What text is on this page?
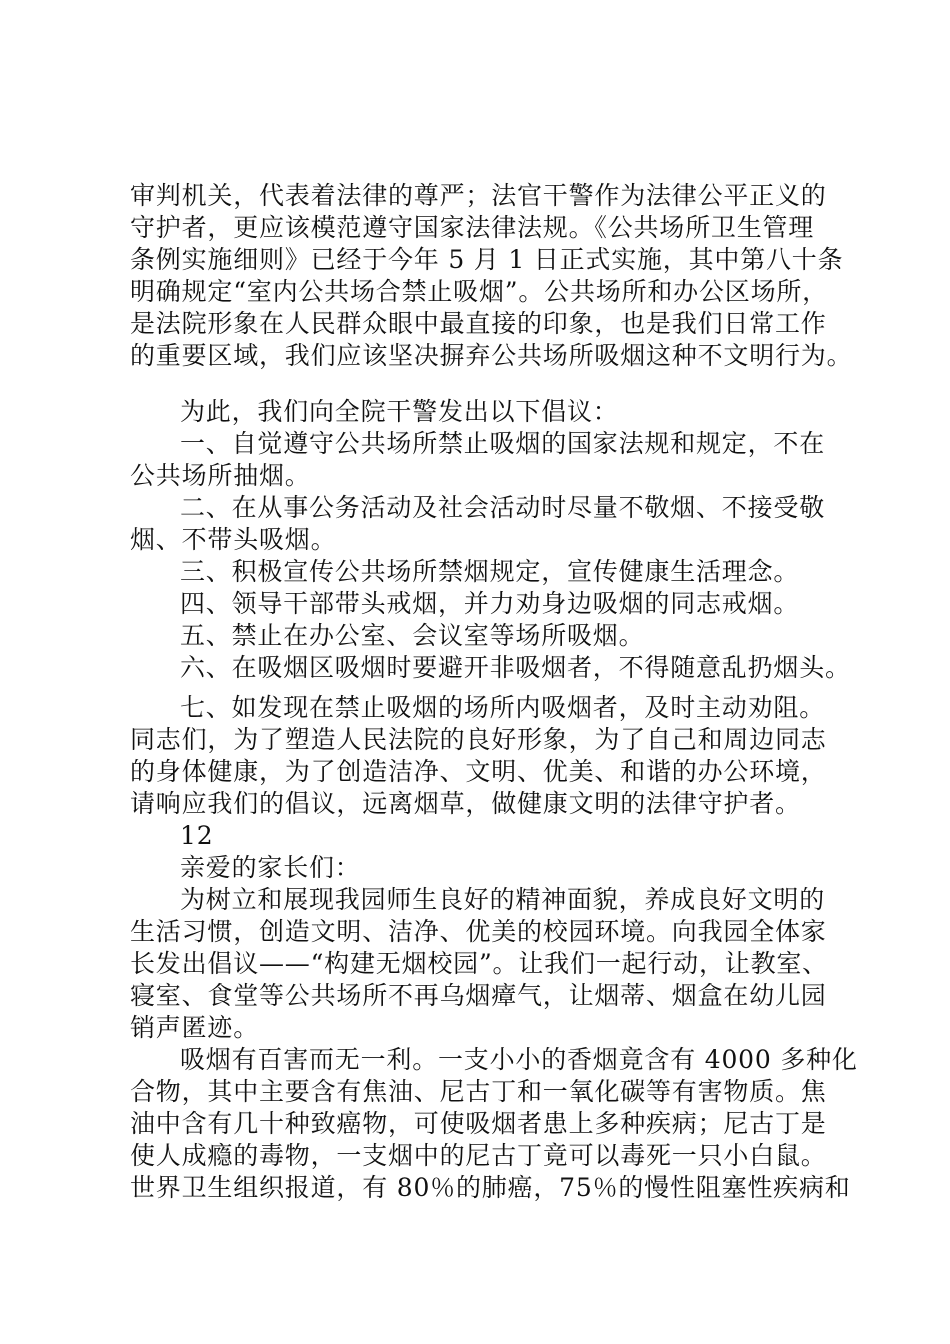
审判机关，代表着法律的尊严；法官干警作为法律公平正义的
守护者，更应该模范遵守国家法律法规。《公共场所卫生管理
条例实施细则》已经于今年 5 月 1 日正式实施，其中第八十条
明确规定“室内公共场合禁止吸烟”。公共场所和办公区场所，
是法院形象在人民群众眼中最直接的印象，也是我们日常工作
的重要区域，我们应该坚决摒弃公共场所吸烟这种不文明行为。
为此，我们向全院干警发出以下倡议：
一、自觉遵守公共场所禁止吸烟的国家法规和规定，不在
公共场所抽烟。
二、在从事公务活动及社会活动时尽量不敬烟、不接受敬
烟、不带头吸烟。
三、积极宣传公共场所禁烟规定，宣传健康生活理念。
四、领导干部带头戒烟，并力劝身边吸烟的同志戒烟。
五、禁止在办公室、会议室等场所吸烟。
六、在吸烟区吸烟时要避开非吸烟者，不得随意乱扔烟头。
七、如发现在禁止吸烟的场所内吸烟者，及时主动劝阻。
同志们，为了塑造人民法院的良好形象，为了自己和周边同志
的身体健康，为了创造洁净、文明、优美、和谐的办公环境，
请响应我们的倡议，远离烟草，做健康文明的法律守护者。
12
亲爱的家长们：
为树立和展现我园师生良好的精神面貌，养成良好文明的
生活习惯，创造文明、洁净、优美的校园环境。向我园全体家
长发出倡议——“构建无烟校园”。让我们一起行动，让教室、
寝室、食堂等公共场所不再乌烟瘴气，让烟蒂、烟盒在幼儿园
销声匿迹。
吸烟有百害而无一利。一支小小的香烟竟含有 4000 多种化
合物，其中主要含有焦油、尼古丁和一氧化碳等有害物质。焦
油中含有几十种致癌物，可使吸烟者患上多种疾病；尼古丁是
使人成瘾的毒物，一支烟中的尼古丁竟可以毒死一只小白鼠。
世界卫生组织报道，有 80％的肺癌，75％的慢性阻塞性疾病和
